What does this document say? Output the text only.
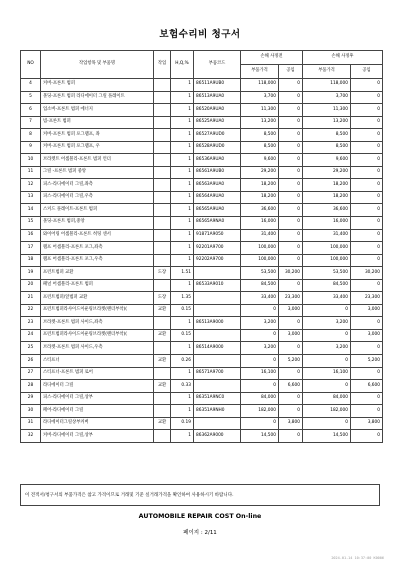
보험수리비 청구서
NO	작업항목 및 부품명	작업	H,Q,%	부품코드	손해 사정전		손해 사정후	
					부품가격	공임	부품가격	공임
4	커버-프론트 범퍼		1	86511A9UB0	118,000	0	118,000	0
5	몰딩-프론트 범퍼 라디에이터 그릴 플레이트		1	86513A9UA0	3,700	0	3,700	0
6	업소버-프론트 범퍼 에너지		1	86520A9UA0	11,300	0	11,300	0
7	빔-프론트 범퍼		1	86525A9UA0	13,200	0	13,200	0
8	커버-프론트 범퍼 포그램프, 좌		1	86527A9UD0	8,500	0	8,500	0
9	커버-프론트 범퍼 포그램프, 우		1	86528A9UD0	8,500	0	8,500	0
10	브라켓트 어셈블리-프론트 범퍼 언더		1	86536A9UA0	9,600	0	9,600	0
11	그릴 -프론트 범퍼 중앙		1	86561A9UB0	29,200	0	29,200	0
12	피스-라디에이터 그릴,좌측		1	86563A9UA0	18,200	0	18,200	0
13	피스-라디에이터 그릴,우측		1	86564A9UA0	18,200	0	18,200	0
14	스커드 플레이트-프론트 범퍼		1	86565A9UA0	36,600	0	36,600	0
15	몰딩-프론트 범퍼,중앙		1	86565A9NA0	16,000	0	16,000	0
16	와이어링 어셈블리-프론트 히팅 센서		1	91871A9050	31,400	0	31,400	0
17	램프 어셈블리-프론트 포그,좌측		1	92201A9700	100,000	0	100,000	0
18	램프 어셈블리-프론트 포그,우측		1	92202A9700	100,000	0	100,000	0
19	프런트범퍼 교환	도장	1.51		53,500	30,200	53,500	30,200
20	패널 어셈블리-프론트 범퍼		1	86533A9010	84,500	0	84,500	0
21	프런트범퍼/앞범퍼 교환	도장	1.35		33,400	23,300	33,400	23,300
22	프런트범퍼라사이드이운링브라켓(랜더부착)(	교환	0.15		0	3,000	0	3,000
23	브라켓-프론트 범퍼 사이드,좌측		1	86513A9000	3,200	0	3,200	0
24	프런트범퍼라사이드이운링브라켓(랜더부착)(	교환	0.15		0	3,000	0	3,000
25	브라켓-프론트 범퍼 사이드,우측		1	86514A9000	3,200	0	3,200	0
26	스티프너	교환	0.26		0	5,200	0	5,200
27	스티프너-프론트 범퍼 로어		1	86571A9700	16,100	0	16,100	0
28	라디에이터 그릴	교환	0.33		0	6,600	0	6,600
29	피스-라디에이터 그릴,상부		1	86351A9NC0	84,000	0	84,000	0
30	페어-라디에이터 그릴		1	86351A9NH0	182,000	0	182,000	0
31	라디에이터그릴상부커버	교환	0.19		0	3,800	0	3,800
32	커버-라디에이터 그릴,상부		1	86362A9000	14,500	0	14,500	0
이 견적서/청구서의 부품가격은 참고 가격이므로 거래및 기준 실거래가격을 확인하여 사용하시기 바랍니다.
AUTOMOBILE REPAIR COST On-line
페이지 : 2/11
2024-01-14 10:37:00 K0006
